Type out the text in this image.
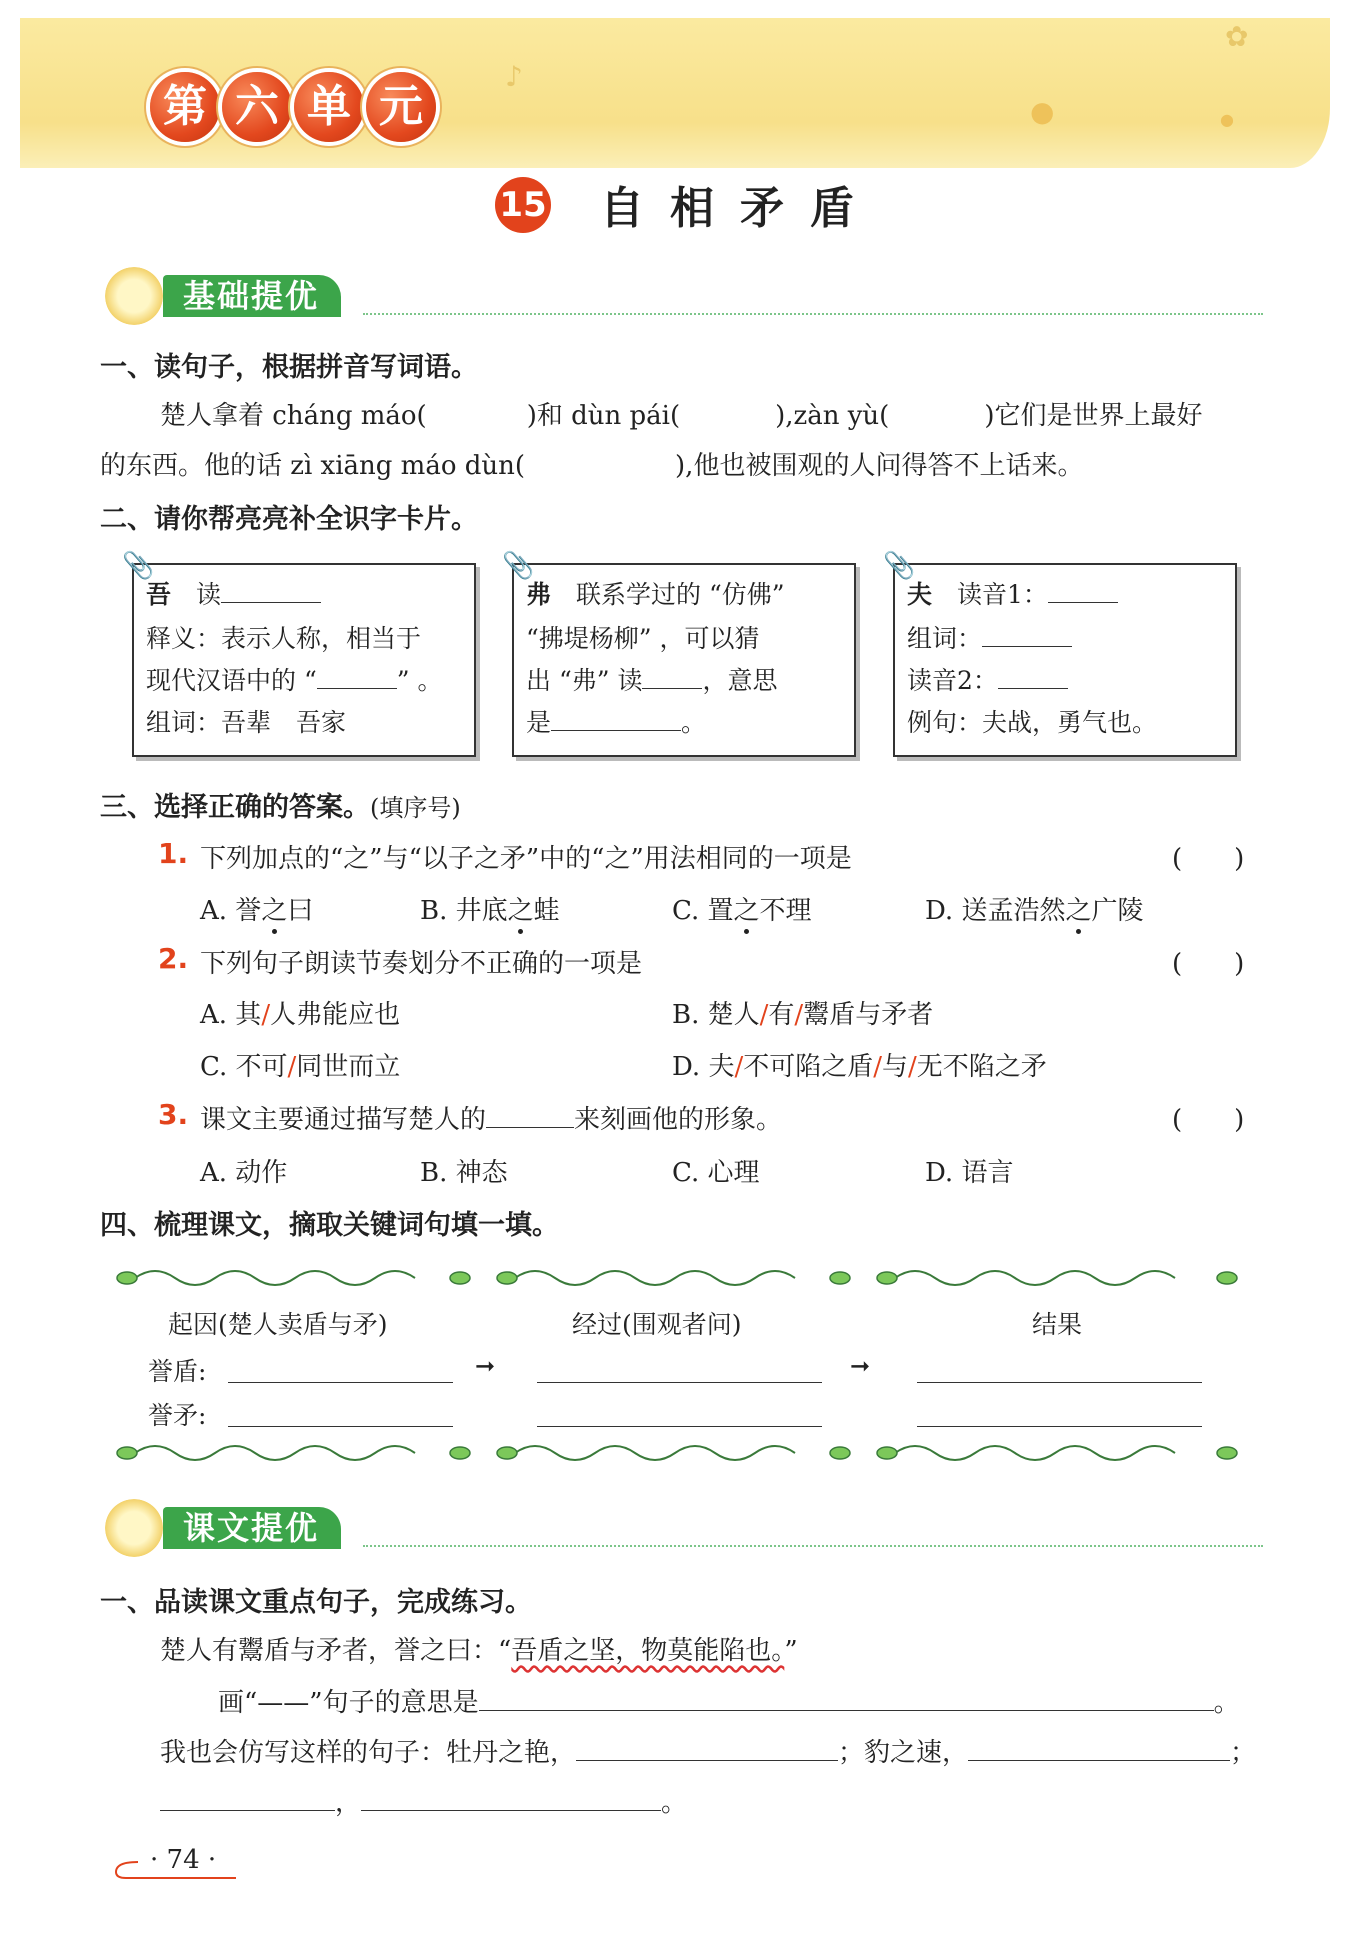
♪
✿
●	●
第 六 单 元
15 自相矛盾
基础提优
一、读句子，根据拼音写词语。
楚人拿着 cháng máo(	)和 dùn pái(	),zàn yù(	)它们是世界上最好
的东西。他的话 zì xiāng máo dùn(	),他也被围观的人问得答不上话来。
二、请你帮亮亮补全识字卡片。
📎
吾　 读
释义：表示人称，相当于
现代汉语中的 “	” 。
组词：吾辈　吾家
📎
弗　 联系学过的 “仿佛”
“拂堤杨柳” ，可以猜
出 “弗” 读 ，意思
是	。
📎
夫　 读音1：
组词：
读音2：
例句：夫战，勇气也。
三、选择正确的答案。(填序号)
1. 下列加点的“之”与“以子之矛”中的“之”用法相同的一项是	(　　)
A. 誉之曰	B. 井底之蛙	C. 置之不理	D. 送孟浩然之广陵
2. 下列句子朗读节奏划分不正确的一项是	(　　)
A. 其/人弗能应也	B. 楚人/有/鬻盾与矛者
C. 不可/同世而立	D. 夫/不可陷之盾/与/无不陷之矛
3. 课文主要通过描写楚人的	来刻画他的形象。	(　　)
A. 动作	B. 神态	C. 心理	D. 语言
四、梳理课文，摘取关键词句填一填。
起因(楚人卖盾与矛)	经过(围观者问)	结果
誉盾:	➞	➞
誉矛:
课文提优
一、品读课文重点句子，完成练习。
楚人有鬻盾与矛者，誉之曰：“吾盾之坚，物莫能陷也。”
画“——”句子的意思是	。
我也会仿写这样的句子：牡丹之艳，	；豹之速，	；
，	。
· 74 ·
